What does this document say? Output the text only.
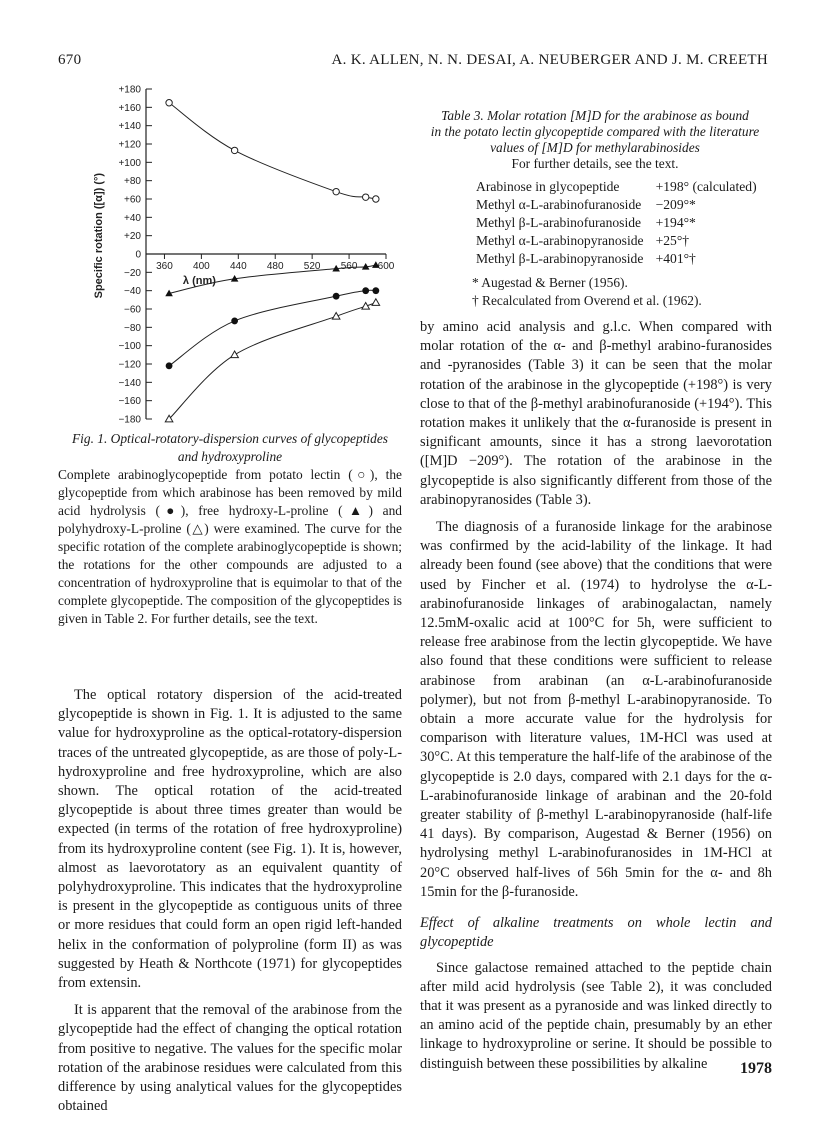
670	A. K. ALLEN, N. N. DESAI, A. NEUBERGER AND J. M. CREETH
+180
+160
+140
+120
+100
+80
+60
+40
+20
0
−20
−40
−60
−80
−100
−120
−140
−160
−180
Specific rotation ([α]) (°)	360 400 440 480 520 560 600
λ (nm)
Fig. 1. Optical-rotatory-dispersion curves of glycopeptides
and hydroxyproline

Complete arabinoglycopeptide from potato lectin (○), the glycopeptide from which arabinose has been removed by mild acid hydrolysis (●), free hydroxy-L-proline (▲) and polyhydroxy-L-proline (△) were examined. The curve for the specific rotation of the complete arabinoglycopeptide is shown; the rotations for the other compounds are adjusted to a concentration of hydroxyproline that is equimolar to that of the complete glycopeptide. The composition of the glycopeptides is given in Table 2. For further details, see the text.

The optical rotatory dispersion of the acid-treated glycopeptide is shown in Fig. 1. It is adjusted to the same value for hydroxyproline as the optical-rotatory-dispersion traces of the untreated glycopeptide, as are those of poly-L-hydroxyproline and free hydroxyproline, which are also shown. The optical rotation of the acid-treated glycopeptide is about three times greater than would be expected (in terms of the rotation of free hydroxyproline) from its hydroxyproline content (see Fig. 1). It is, however, almost as laevorotatory as an equivalent quantity of polyhydroxyproline. This indicates that the hydroxyproline is present in the glycopeptide as contiguous units of three or more residues that could form an open rigid left-handed helix in the conformation of polyproline (form II) as was suggested by Heath & Northcote (1971) for glycopeptides from extensin.

It is apparent that the removal of the arabinose from the glycopeptide had the effect of changing the optical rotation from positive to negative. The values for the specific molar rotation of the arabinose residues were calculated from this difference by using analytical values for the glycopeptides obtained

Table 3. Molar rotation [M]D for the arabinose as bound
in the potato lectin glycopeptide compared with the literature
values of [M]D for methylarabinosides
For further details, see the text.
Arabinose in glycopeptide	+198° (calculated)
Methyl α-L-arabinofuranoside	−209°*
Methyl β-L-arabinofuranoside	+194°*
Methyl α-L-arabinopyranoside	+25°†
Methyl β-L-arabinopyranoside	+401°†
* Augestad & Berner (1956).
† Recalculated from Overend et al. (1962).

by amino acid analysis and g.l.c. When compared with molar rotation of the α- and β-methyl arabino-furanosides and -pyranosides (Table 3) it can be seen that the molar rotation of the arabinose in the glycopeptide (+198°) is very close to that of the β-methyl arabinofuranoside (+194°). This rotation makes it unlikely that the α-furanoside is present in significant amounts, since it has a strong laevorotation ([M]D −209°). The rotation of the arabinose in the glycopeptide is also significantly different from those of the arabinopyranosides (Table 3).

The diagnosis of a furanoside linkage for the arabinose was confirmed by the acid-lability of the linkage. It had already been found (see above) that the conditions that were used by Fincher et al. (1974) to hydrolyse the α-L-arabinofuranoside linkages of arabinogalactan, namely 12.5mM-oxalic acid at 100°C for 5h, were sufficient to release free arabinose from the lectin glycopeptide. We have also found that these conditions were sufficient to release arabinose from arabinan (an α-L-arabinofuranoside polymer), but not from β-methyl L-arabinopyranoside. To obtain a more accurate value for the hydrolysis for comparison with literature values, 1M-HCl was used at 30°C. At this temperature the half-life of the arabinose of the glycopeptide is 2.0 days, compared with 2.1 days for the α-L-arabinofuranoside linkage of arabinan and the 20-fold greater stability of β-methyl L-arabinopyranoside (half-life 41 days). By comparison, Augestad & Berner (1956) on hydrolysing methyl L-arabinofuranosides in 1M-HCl at 20°C observed half-lives of 56h 5min for the α- and 8h 15min for the β-furanoside.

Effect of alkaline treatments on whole lectin and glycopeptide

Since galactose remained attached to the peptide chain after mild acid hydrolysis (see Table 2), it was concluded that it was present as a pyranoside and was linked directly to an amino acid of the peptide chain, presumably by an ether linkage to hydroxyproline or serine. It should be possible to distinguish between these possibilities by alkaline	1978
